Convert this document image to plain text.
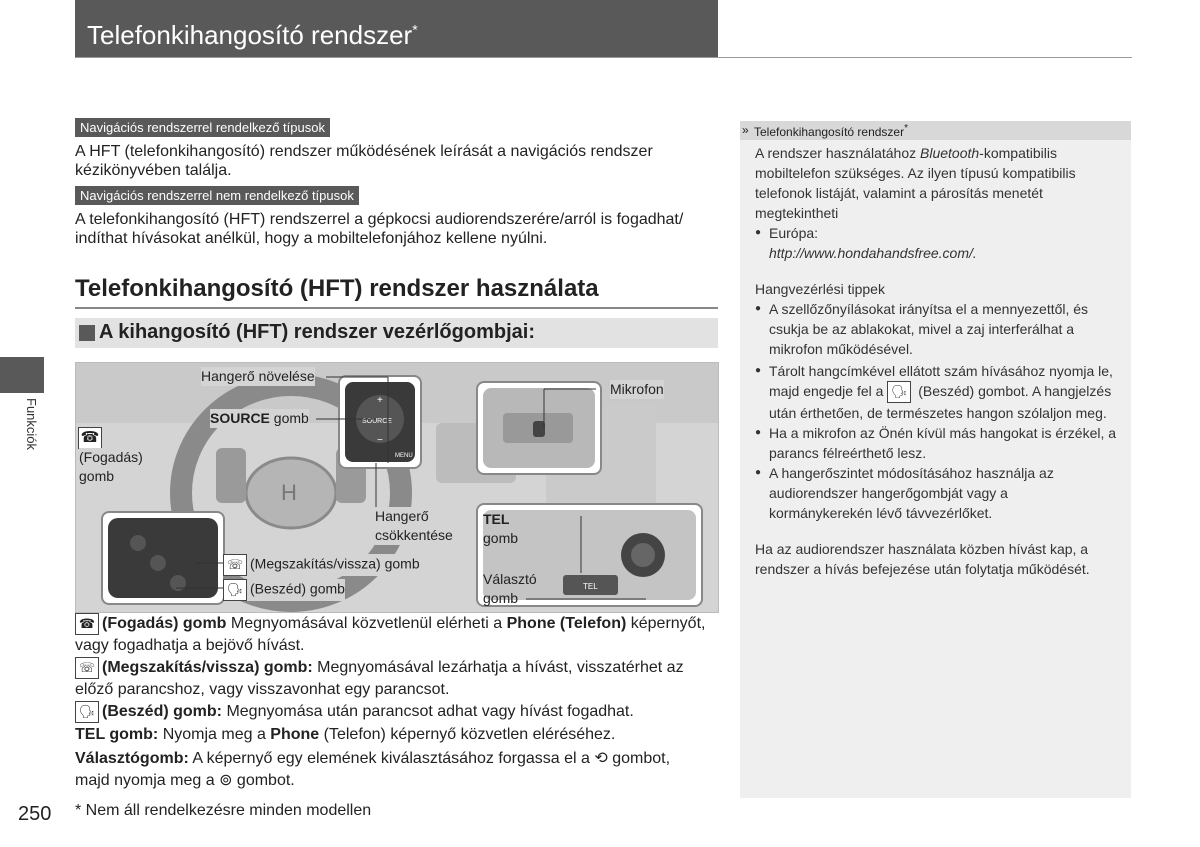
Telefonkihangosító rendszer*
Navigációs rendszerrel rendelkező típusok
A HFT (telefonkihangosító) rendszer működésének leírását a navigációs rendszer
kézikönyvében találja.
Navigációs rendszerrel nem rendelkező típusok
A telefonkihangosító (HFT) rendszerrel a gépkocsi audiorendszerére/arról is fogadhat/
indíthat hívásokat anélkül, hogy a mobiltelefonjához kellene nyúlni.
Telefonkihangosító (HFT) rendszer használata
A kihangosító (HFT) rendszer vezérlőgombjai:
H
+
−
SOURCE
MENU
TEL
Hangerő növelése
SOURCE gomb
☎
(Fogadás)
gomb
Hangerő
csökkentése
☏ (Megszakítás/vissza) gomb
🗣 (Beszéd) gomb
Mikrofon
TEL
gomb
Választó
gomb
☎ (Fogadás) gomb Megnyomásával közvetlenül elérheti a Phone (Telefon) képernyőt,
vagy fogadhatja a bejövő hívást.
☏ (Megszakítás/vissza) gomb: Megnyomásával lezárhatja a hívást, visszatérhet az
előző parancshoz, vagy visszavonhat egy parancsot.
🗣 (Beszéd) gomb: Megnyomása után parancsot adhat vagy hívást fogadhat.
TEL gomb: Nyomja meg a Phone (Telefon) képernyő közvetlen eléréséhez.
Választógomb: A képernyő egy elemének kiválasztásához forgassa el a ⟲ gombot,
majd nyomja meg a ⊚ gombot.
» Telefonkihangosító rendszer*
A rendszer használatához Bluetooth-kompatibilis
mobiltelefon szükséges. Az ilyen típusú kompatibilis
telefonok listáját, valamint a párosítás menetét
megtekintheti
● Európa:
http://www.hondahandsfree.com/.
Hangvezérlési tippek
● A szellőzőnyílásokat irányítsa el a mennyezettől, és
csukja be az ablakokat, mivel a zaj interferálhat a
mikrofon működésével.
● Tárolt hangcímkével ellátott szám hívásához nyomja le,
majd engedje fel a 🗣 (Beszéd) gombot. A hangjelzés
után érthetően, de természetes hangon szólaljon meg.
● Ha a mikrofon az Önén kívül más hangokat is érzékel, a
parancs félreérthető lesz.
● A hangerőszintet módosításához használja az
audiorendszer hangerőgombját vagy a
kormánykerekén lévő távvezérlőket.
Ha az audiorendszer használata közben hívást kap, a
rendszer a hívás befejezése után folytatja működését.
Funkciók
250 * Nem áll rendelkezésre minden modellen
